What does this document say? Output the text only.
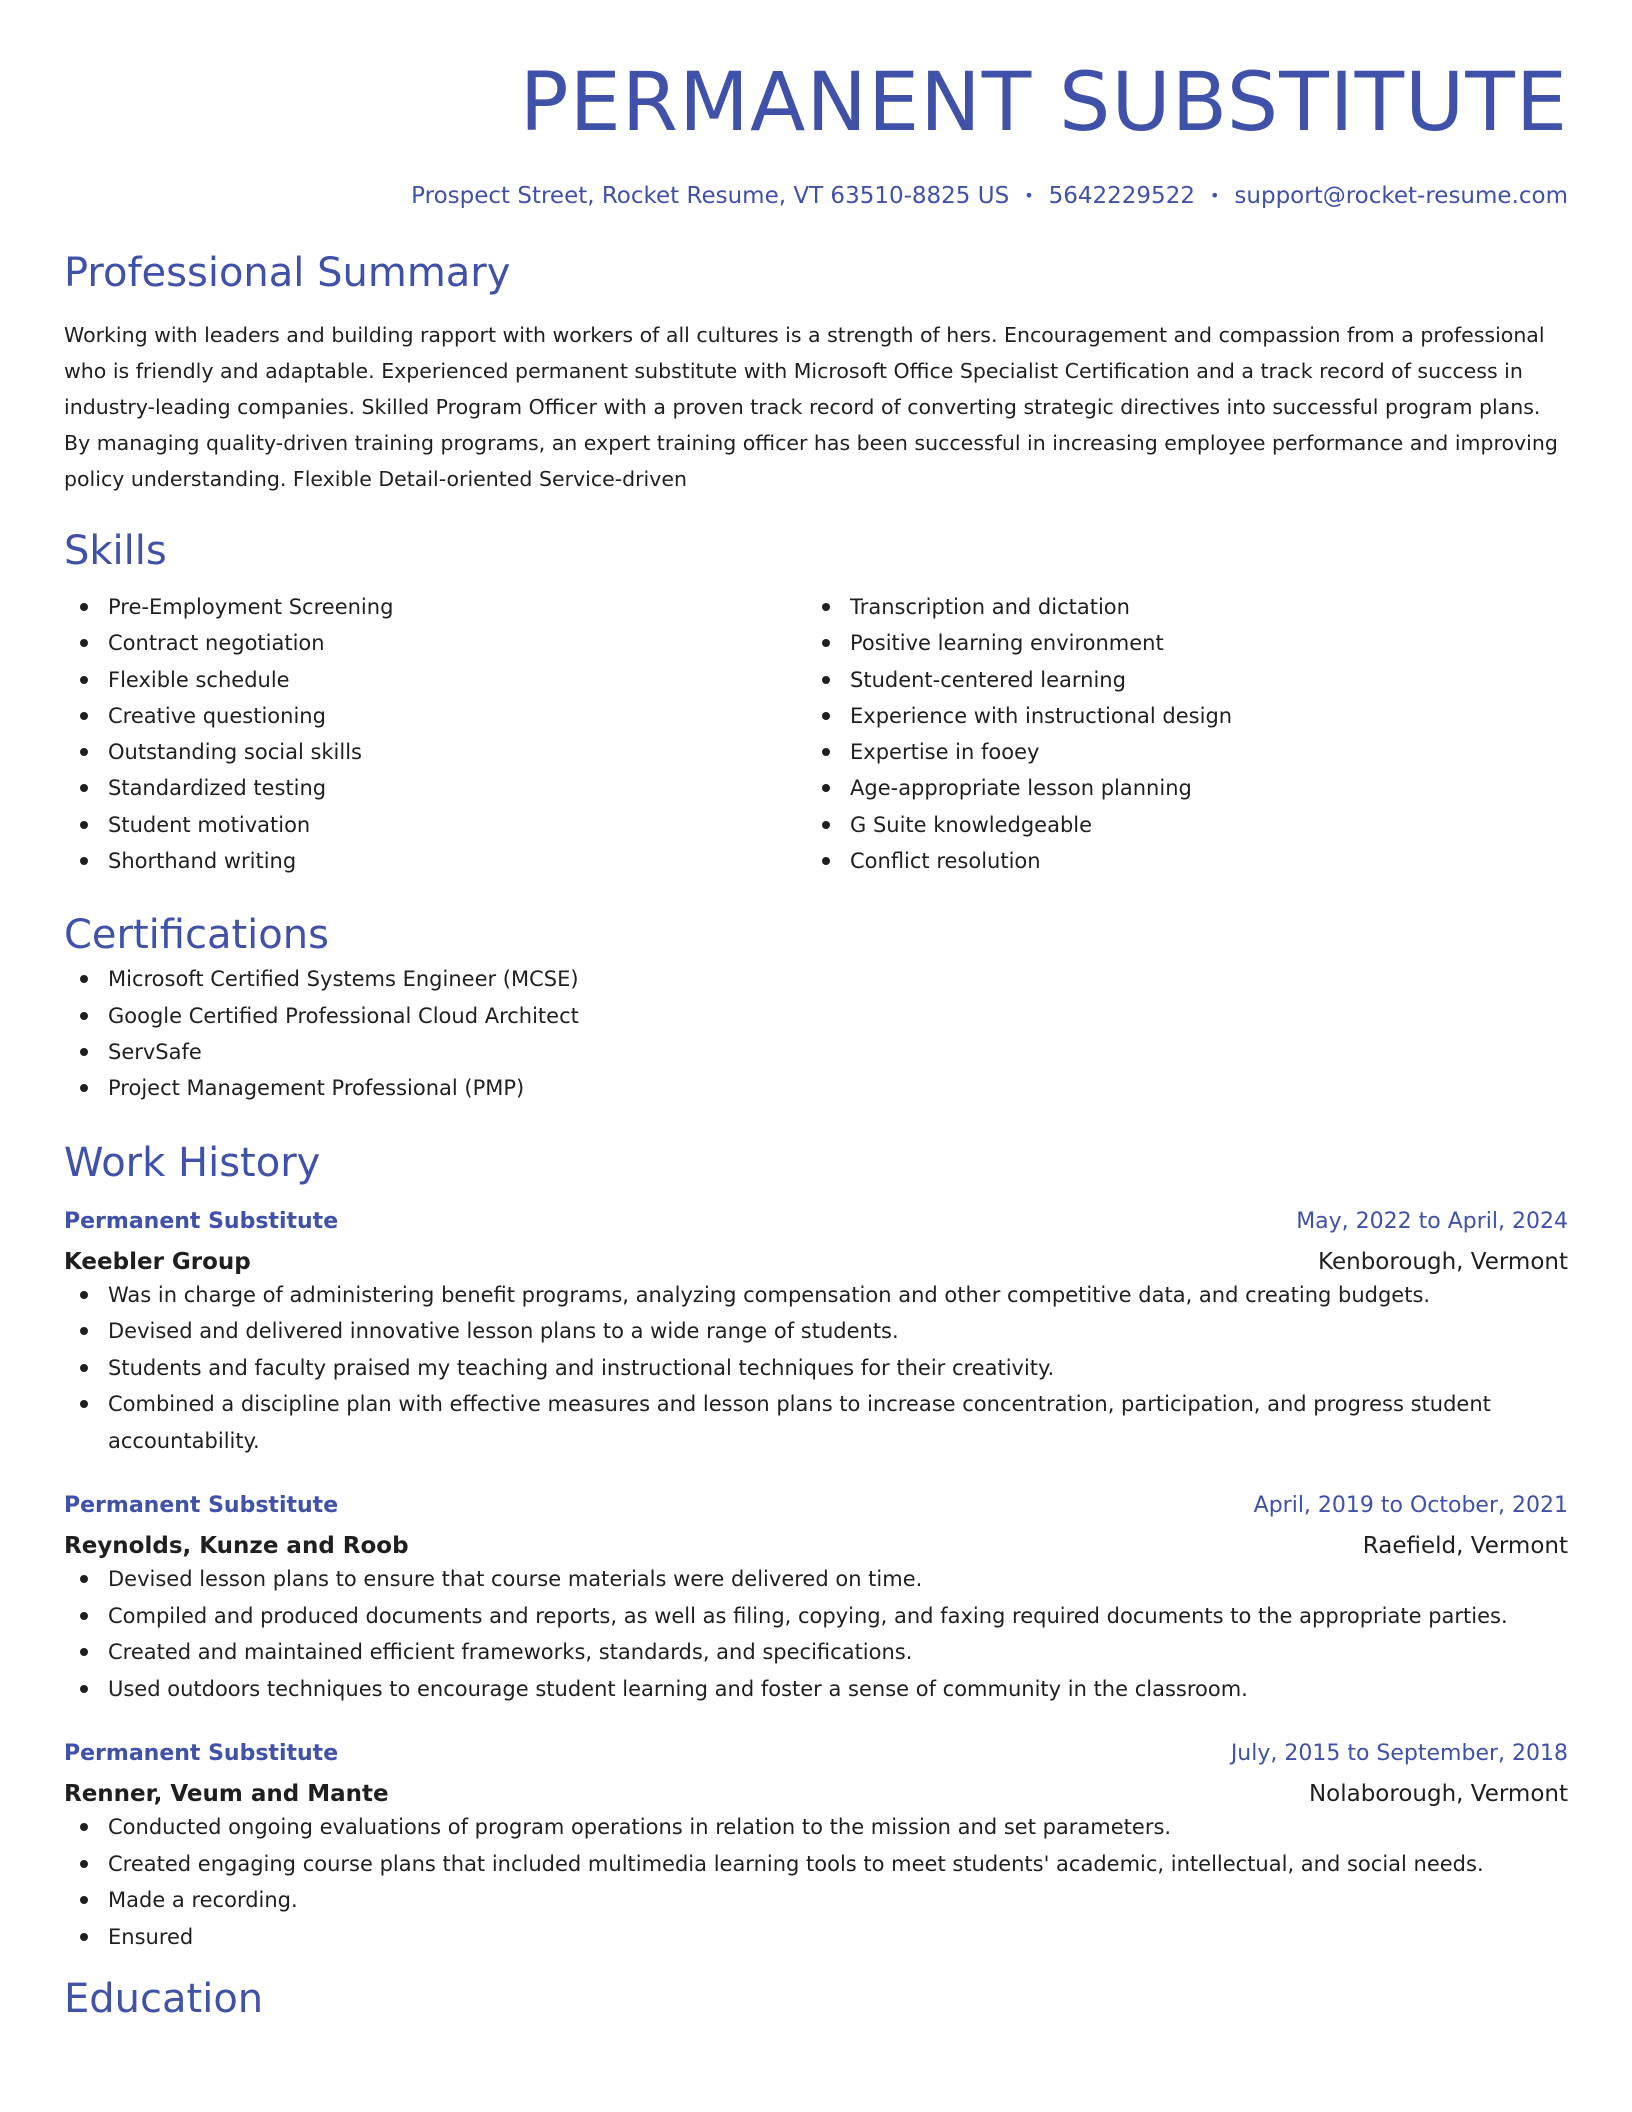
PERMANENT SUBSTITUTE
Prospect Street, Rocket Resume, VT 63510-8825 US • 5642229522 • support@rocket-resume.com
Professional Summary
Working with leaders and building rapport with workers of all cultures is a strength of hers. Encouragement and compassion from a professional who is friendly and adaptable. Experienced permanent substitute with Microsoft Office Specialist Certification and a track record of success in industry-leading companies. Skilled Program Officer with a proven track record of converting strategic directives into successful program plans. By managing quality-driven training programs, an expert training officer has been successful in increasing employee performance and improving policy understanding. Flexible Detail-oriented Service-driven
Skills
Pre-Employment Screening
Contract negotiation
Flexible schedule
Creative questioning
Outstanding social skills
Standardized testing
Student motivation
Shorthand writing
Transcription and dictation
Positive learning environment
Student-centered learning
Experience with instructional design
Expertise in fooey
Age-appropriate lesson planning
G Suite knowledgeable
Conflict resolution
Certifications
Microsoft Certified Systems Engineer (MCSE)
Google Certified Professional Cloud Architect
ServSafe
Project Management Professional (PMP)
Work History
Permanent Substitute	May, 2022 to April, 2024
Keebler Group	Kenborough, Vermont
Was in charge of administering benefit programs, analyzing compensation and other competitive data, and creating budgets.
Devised and delivered innovative lesson plans to a wide range of students.
Students and faculty praised my teaching and instructional techniques for their creativity.
Combined a discipline plan with effective measures and lesson plans to increase concentration, participation, and progress student accountability.
Permanent Substitute	April, 2019 to October, 2021
Reynolds, Kunze and Roob	Raefield, Vermont
Devised lesson plans to ensure that course materials were delivered on time.
Compiled and produced documents and reports, as well as filing, copying, and faxing required documents to the appropriate parties.
Created and maintained efficient frameworks, standards, and specifications.
Used outdoors techniques to encourage student learning and foster a sense of community in the classroom.
Permanent Substitute	July, 2015 to September, 2018
Renner, Veum and Mante	Nolaborough, Vermont
Conducted ongoing evaluations of program operations in relation to the mission and set parameters.
Created engaging course plans that included multimedia learning tools to meet students' academic, intellectual, and social needs.
Made a recording.
Ensured
Education
